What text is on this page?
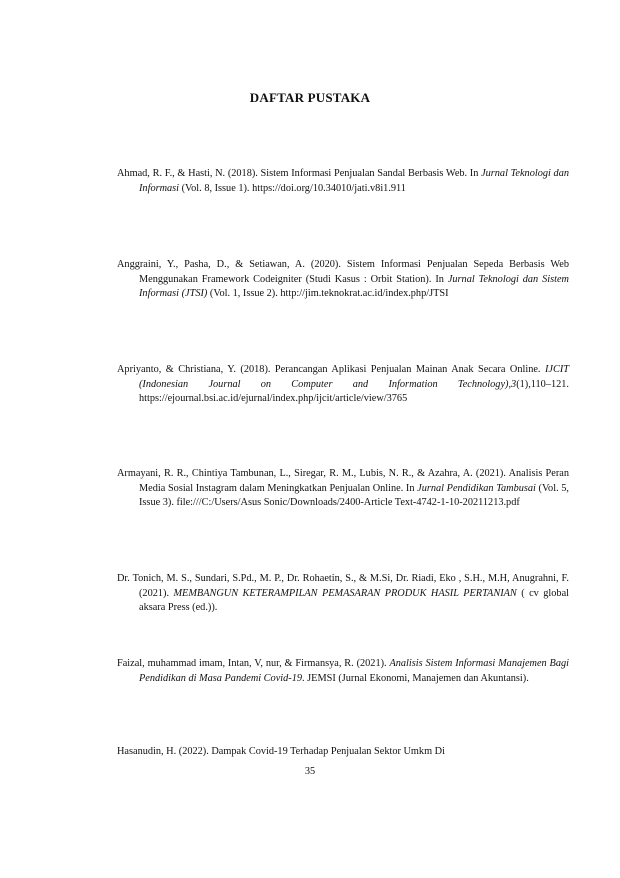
DAFTAR PUSTAKA

Ahmad, R. F., & Hasti, N. (2018). Sistem Informasi Penjualan Sandal Berbasis Web. In Jurnal Teknologi dan Informasi (Vol. 8, Issue 1). https://doi.org/10.34010/jati.v8i1.911

Anggraini, Y., Pasha, D., & Setiawan, A. (2020). Sistem Informasi Penjualan Sepeda Berbasis Web Menggunakan Framework Codeigniter (Studi Kasus : Orbit Station). In Jurnal Teknologi dan Sistem Informasi (JTSI) (Vol. 1, Issue 2). http://jim.teknokrat.ac.id/index.php/JTSI

Apriyanto, & Christiana, Y. (2018). Perancangan Aplikasi Penjualan Mainan Anak Secara Online. IJCIT (Indonesian Journal on Computer and Information Technology),3(1),110–121. https://ejournal.bsi.ac.id/ejurnal/index.php/ijcit/article/view/3765

Armayani, R. R., Chintiya Tambunan, L., Siregar, R. M., Lubis, N. R., & Azahra, A. (2021). Analisis Peran Media Sosial Instagram dalam Meningkatkan Penjualan Online. In Jurnal Pendidikan Tambusai (Vol. 5, Issue 3). file:///C:/Users/Asus Sonic/Downloads/2400-Article Text-4742-1-10-20211213.pdf

Dr. Tonich, M. S., Sundari, S.Pd., M. P., Dr. Rohaetin, S., & M.Si, Dr. Riadi, Eko , S.H., M.H, Anugrahni, F. (2021). MEMBANGUN KETERAMPILAN PEMASARAN PRODUK HASIL PERTANIAN ( cv global aksara Press (ed.)).

Faizal, muhammad imam, Intan, V, nur, & Firmansya, R. (2021). Analisis Sistem Informasi Manajemen Bagi Pendidikan di Masa Pandemi Covid-19. JEMSI (Jurnal Ekonomi, Manajemen dan Akuntansi).

Hasanudin, H. (2022). Dampak Covid-19 Terhadap Penjualan Sektor Umkm Di

35
